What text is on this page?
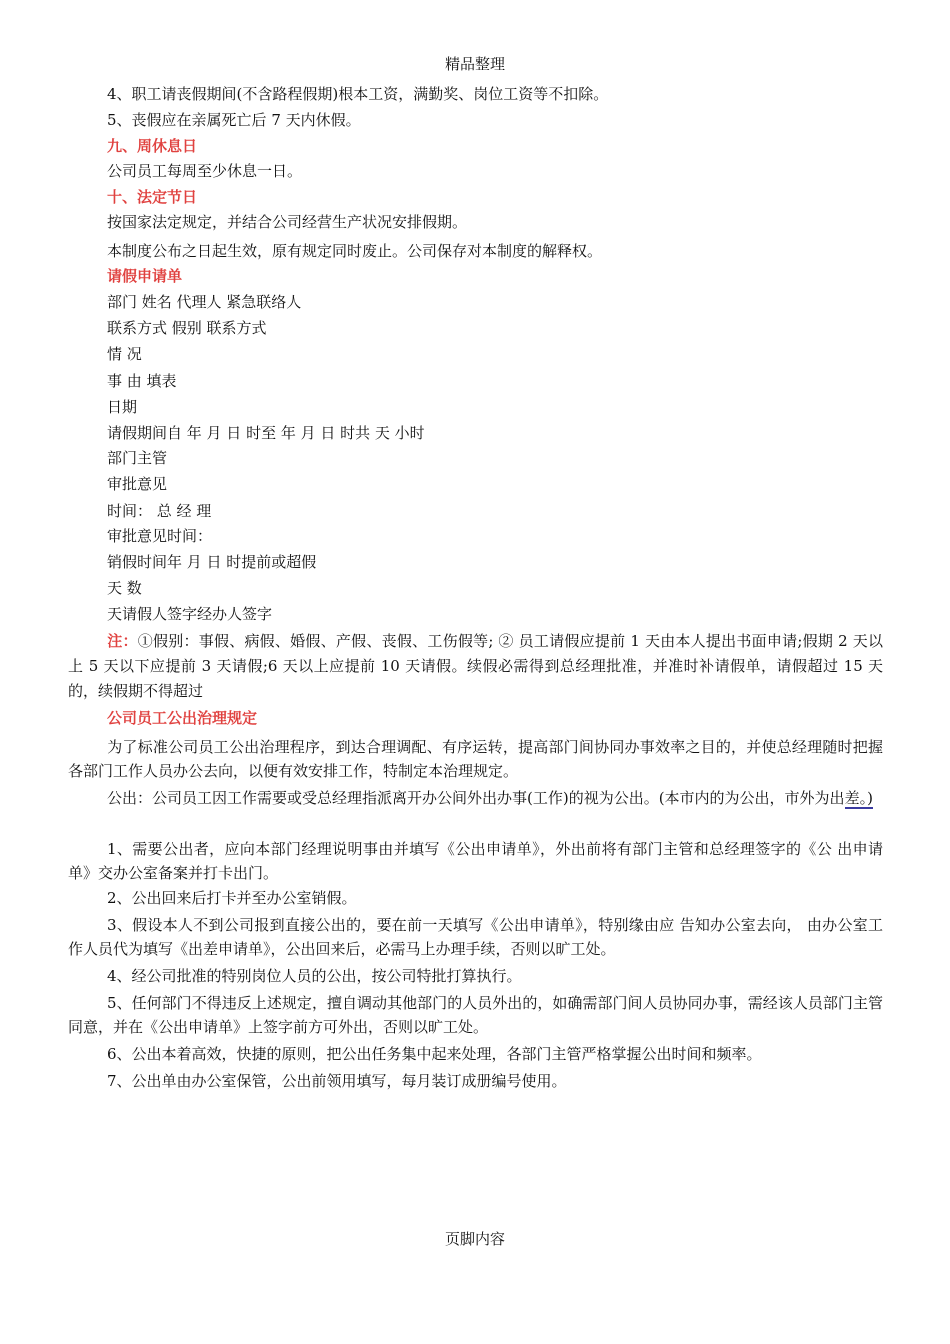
精品整理
4、职工请丧假期间(不含路程假期)根本工资，满勤奖、岗位工资等不扣除。
5、丧假应在亲属死亡后 7 天内休假。
九、周休息日
公司员工每周至少休息一日。
十、法定节日
按国家法定规定，并结合公司经营生产状况安排假期。
本制度公布之日起生效，原有规定同时废止。公司保存对本制度的解释权。
请假申请单
部门 姓名 代理人 紧急联络人
联系方式 假别 联系方式
情 况
事 由 填表
日期
请假期间自 年 月 日 时至 年 月 日 时共 天 小时
部门主管
审批意见
时间： 总 经 理
审批意见时间：
销假时间年 月 日 时提前或超假
天 数
天请假人签字经办人签字
注：①假别：事假、病假、婚假、产假、丧假、工伤假等; ② 员工请假应提前 1 天由本人提出书面申请;假期 2 天以上 5 天以下应提前 3 天请假;6 天以上应提前 10 天请假。续假必需得到总经理批准，并准时补请假单，请假超过 15 天的，续假期不得超过
公司员工公出治理规定
为了标准公司员工公出治理程序，到达合理调配、有序运转，提高部门间协同办事效率之目的，并使总经理随时把握各部门工作人员办公去向，以便有效安排工作，特制定本治理规定。
公出：公司员工因工作需要或受总经理指派离开办公间外出办事(工作)的视为公出。(本市内的为公出，市外为出差。)
1、需要公出者，应向本部门经理说明事由并填写《公出申请单》，外出前将有部门主管和总经理签字的《公 出申请单》交办公室备案并打卡出门。
2、公出回来后打卡并至办公室销假。
3、假设本人不到公司报到直接公出的，要在前一天填写《公出申请单》，特别缘由应 告知办公室去向， 由办公室工作人员代为填写《出差申请单》，公出回来后，必需马上办理手续，否则以旷工处。
4、经公司批准的特别岗位人员的公出，按公司特批打算执行。
5、任何部门不得违反上述规定，擅自调动其他部门的人员外出的，如确需部门间人员协同办事，需经该人员部门主管同意，并在《公出申请单》上签字前方可外出，否则以旷工处。
6、公出本着高效，快捷的原则，把公出任务集中起来处理，各部门主管严格掌握公出时间和频率。
7、公出单由办公室保管，公出前领用填写，每月装订成册编号使用。
页脚内容
